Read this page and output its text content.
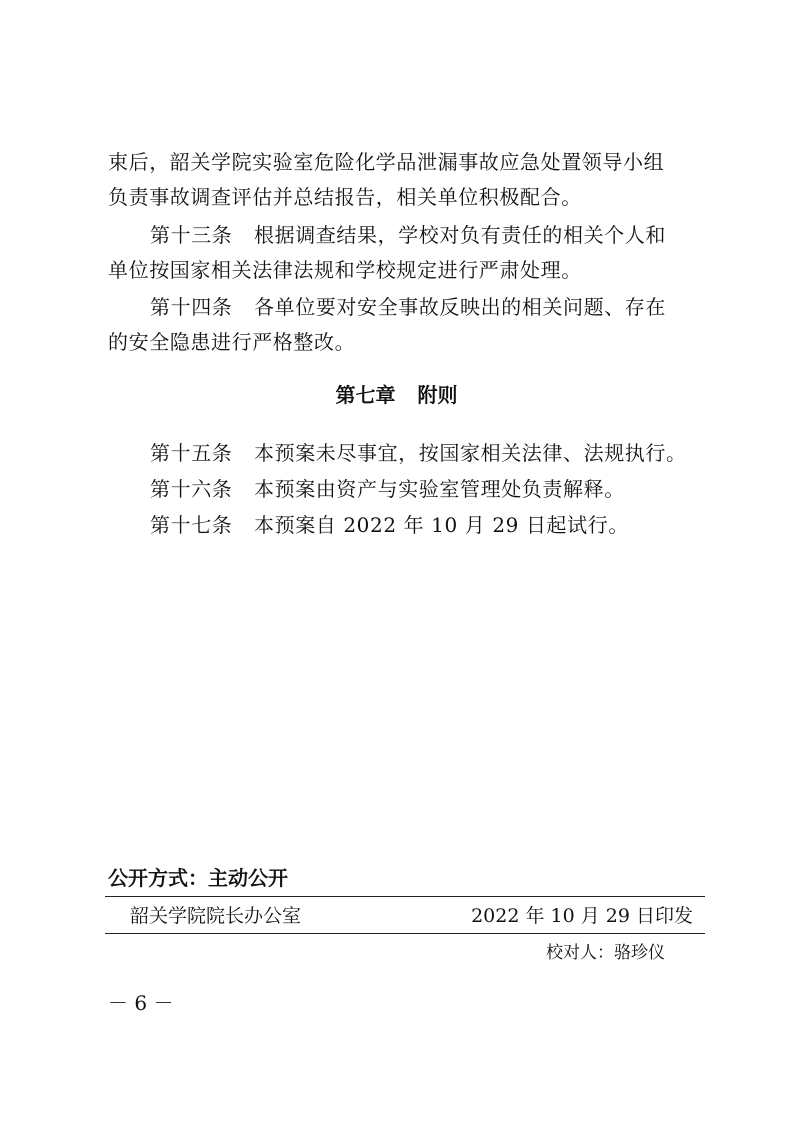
束后，韶关学院实验室危险化学品泄漏事故应急处置领导小组
负责事故调查评估并总结报告，相关单位积极配合。
第十三条 根据调查结果，学校对负有责任的相关个人和
单位按国家相关法律法规和学校规定进行严肃处理。
第十四条 各单位要对安全事故反映出的相关问题、存在
的安全隐患进行严格整改。
第七章 附则
第十五条 本预案未尽事宜，按国家相关法律、法规执行。
第十六条 本预案由资产与实验室管理处负责解释。
第十七条 本预案自 2022 年 10 月 29 日起试行。
公开方式：主动公开
韶关学院院长办公室	2022 年 10 月 29 日印发
校对人：骆珍仪
－ 6 －
